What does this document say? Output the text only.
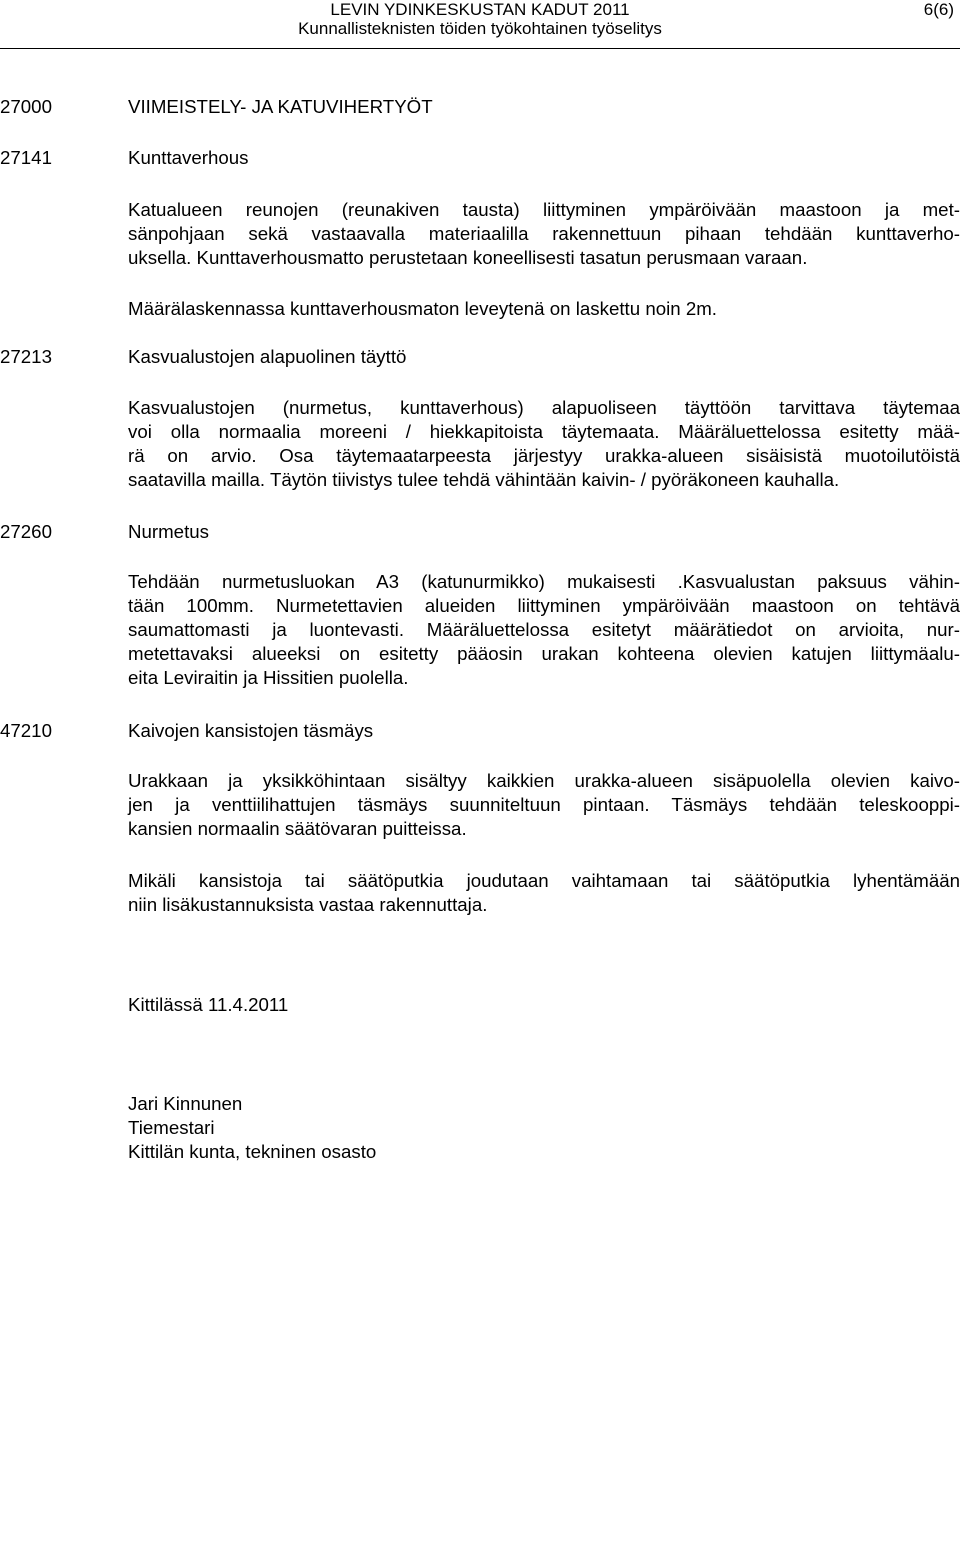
LEVIN YDINKESKUSTAN KADUT 2011
Kunnallisteknisten töiden työkohtainen työselitys
6(6)
27000	VIIMEISTELY- JA KATUVIHERTYÖT
27141	Kunttaverhous
Katualueen reunojen (reunakiven tausta) liittyminen ympäröivään maastoon ja met-
sänpohjaan sekä vastaavalla materiaalilla rakennettuun pihaan tehdään kunttaverho-
uksella. Kunttaverhousmatto perustetaan koneellisesti tasatun perusmaan varaan.
Määrälaskennassa kunttaverhousmaton leveytenä on laskettu noin 2m.
27213	Kasvualustojen alapuolinen täyttö
Kasvualustojen (nurmetus, kunttaverhous) alapuoliseen täyttöön tarvittava täytemaa
voi olla normaalia moreeni / hiekkapitoista täytemaata. Määräluettelossa esitetty mää-
rä on arvio. Osa täytemaatarpeesta järjestyy urakka-alueen sisäisistä muotoilutöistä
saatavilla mailla. Täytön tiivistys tulee tehdä vähintään kaivin- / pyöräkoneen kauhalla.
27260	Nurmetus
Tehdään nurmetusluokan A3 (katunurmikko) mukaisesti .Kasvualustan paksuus vähin-
tään 100mm. Nurmetettavien alueiden liittyminen ympäröivään maastoon on tehtävä
saumattomasti ja luontevasti. Määräluettelossa esitetyt määrätiedot on arvioita, nur-
metettavaksi alueeksi on esitetty pääosin urakan kohteena olevien katujen liittymäalu-
eita Leviraitin ja Hissitien puolella.
47210	Kaivojen kansistojen täsmäys
Urakkaan ja yksikköhintaan sisältyy kaikkien urakka-alueen sisäpuolella olevien kaivo-
jen ja venttiilihattujen täsmäys suunniteltuun pintaan. Täsmäys tehdään teleskooppi-
kansien normaalin säätövaran puitteissa.
Mikäli kansistoja tai säätöputkia joudutaan vaihtamaan tai säätöputkia lyhentämään
niin lisäkustannuksista vastaa rakennuttaja.
Kittilässä 11.4.2011
Jari Kinnunen
Tiemestari
Kittilän kunta, tekninen osasto
